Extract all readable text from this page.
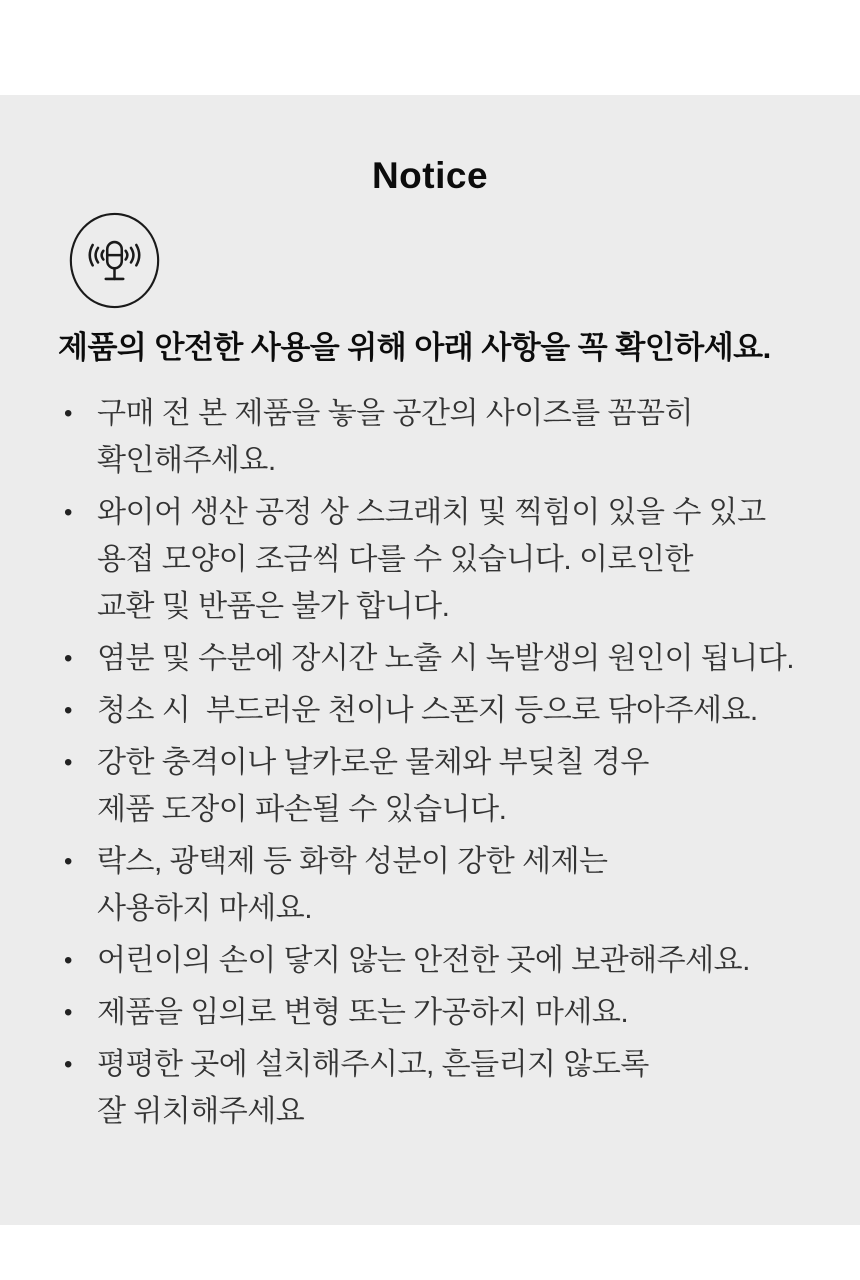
Notice
제품의 안전한 사용을 위해 아래 사항을 꼭 확인하세요.
• 구매 전 본 제품을 놓을 공간의 사이즈를 꼼꼼히
확인해주세요.
• 와이어 생산 공정 상 스크래치 및 찍힘이 있을 수 있고
용접 모양이 조금씩 다를 수 있습니다. 이로인한
교환 및 반품은 불가 합니다.
• 염분 및 수분에 장시간 노출 시 녹발생의 원인이 됩니다.
• 청소 시  부드러운 천이나 스폰지 등으로 닦아주세요.
• 강한 충격이나 날카로운 물체와 부딪칠 경우
제품 도장이 파손될 수 있습니다.
• 락스, 광택제 등 화학 성분이 강한 세제는
사용하지 마세요.
• 어린이의 손이 닿지 않는 안전한 곳에 보관해주세요.
• 제품을 임의로 변형 또는 가공하지 마세요.
• 평평한 곳에 설치해주시고, 흔들리지 않도록
잘 위치해주세요
